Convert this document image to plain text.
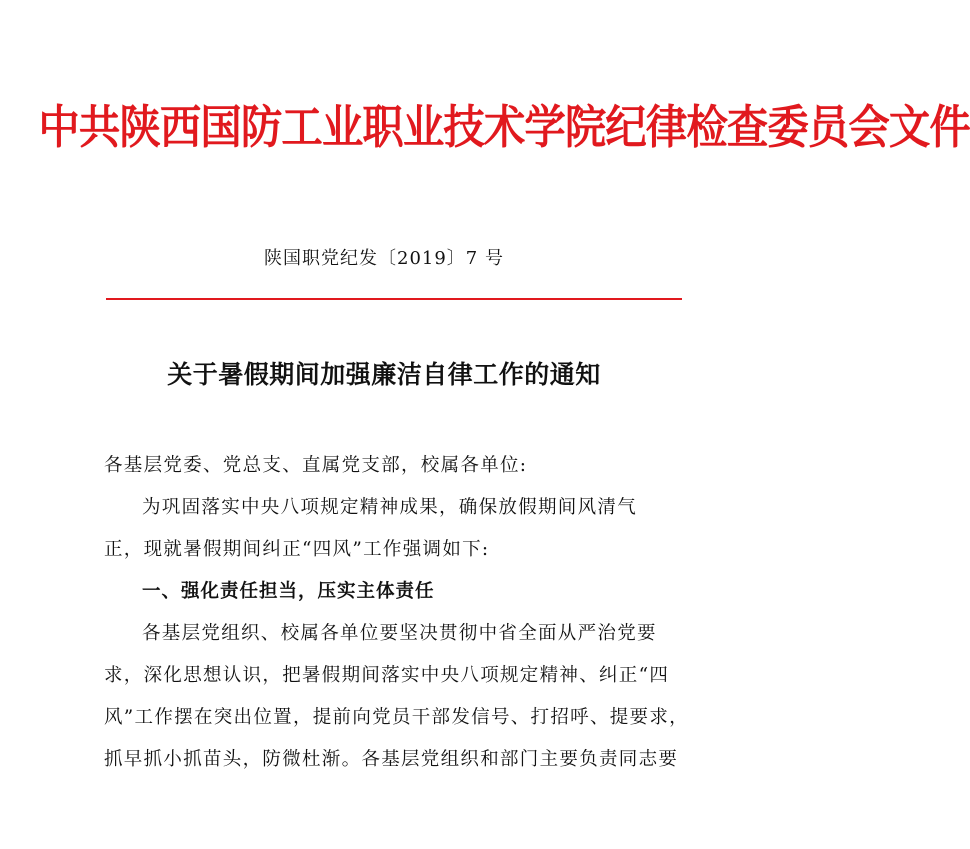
中共陕西国防工业职业技术学院纪律检查委员会文件
陕国职党纪发〔2019〕7 号
关于暑假期间加强廉洁自律工作的通知
各基层党委、党总支、直属党支部，校属各单位:
为巩固落实中央八项规定精神成果，确保放假期间风清气
正，现就暑假期间纠正“四风”工作强调如下:
一、强化责任担当，压实主体责任
各基层党组织、校属各单位要坚决贯彻中省全面从严治党要
求，深化思想认识，把暑假期间落实中央八项规定精神、纠正“四
风”工作摆在突出位置，提前向党员干部发信号、打招呼、提要求，
抓早抓小抓苗头，防微杜渐。各基层党组织和部门主要负责同志要
